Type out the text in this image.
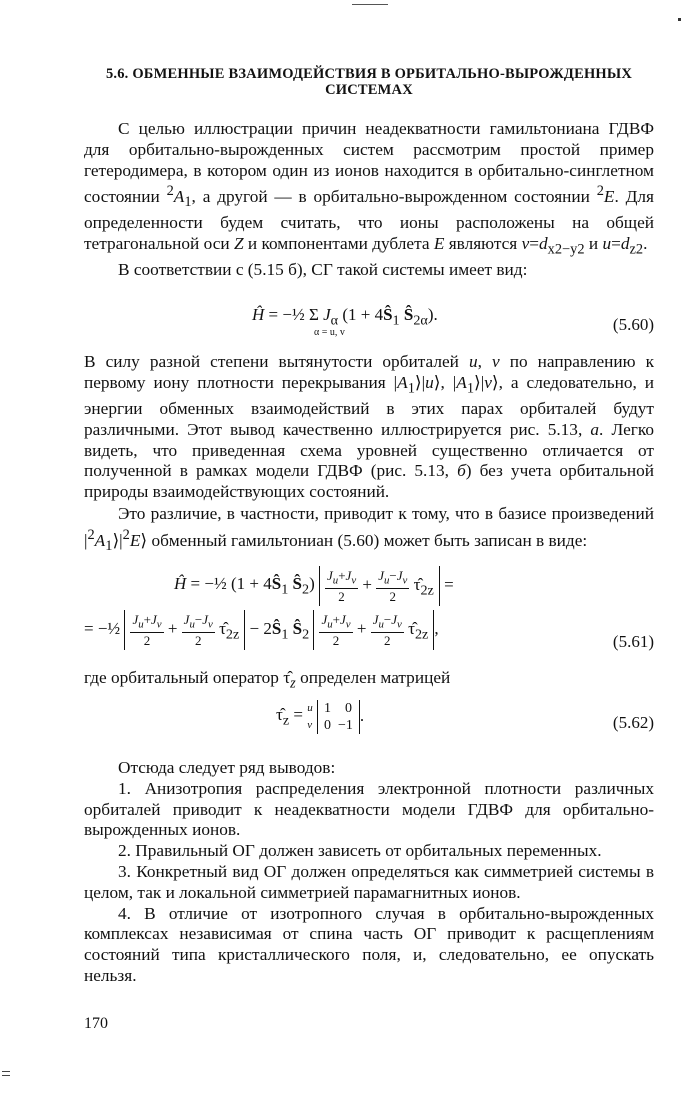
5.6. ОБМЕННЫЕ ВЗАИМОДЕЙСТВИЯ В ОРБИТАЛЬНО-ВЫРОЖДЕННЫХ СИСТЕМАХ

С целью иллюстрации причин неадекватности гамильтониана ГДВФ для орбитально-вырожденных систем рассмотрим простой пример гетеродимера, в котором один из ионов находится в орбитально-синглетном состоянии $^2A_1$, а другой — в орбитально-вырожденном состоянии $^2$E. Для определенности будем считать, что ионы расположены на общей тетрагональной оси Z и компонентами дублета E являются $v=d_{x2-y2}$ и $u=d_{z2}$.

В соответствии с (5.15 б), СГ такой системы имеет вид:

Ĥ = −½ Σ $J_\alpha$ ($1 + 4Ŝ_1$ $Ŝ_{2\alpha}$).
α = u, v	(5.60)

В силу разной степени вытянутости орбиталей u, v по направлению к первому иону плотности перекрывания $|A_1⟩|u⟩$, $|A_1⟩|v⟩$, а следовательно, и энергии обменных взаимодействий в этих парах орбиталей будут различными. Этот вывод качественно иллюстрируется рис. 5.13, а. Легко видеть, что приведенная схема уровней существенно отличается от полученной в рамках модели ГДВФ (рис. 5.13, б) без учета орбитальной природы взаимодействующих состояний.

Это различие, в частности, приводит к тому, что в базисе произведений $|^2A_1⟩|^2E⟩$ обменный гамильтониан (5.60) может быть записан в виде:

Ĥ = −½ ($1 + 4Ŝ_1$ $Ŝ_2) \frac{J_u+J_v}{2} + \frac{J_u-J_v}{2}$ $\taû_{2z}$ =
= −½ $\frac{J_u+J_v}{2} + \frac{J_u-J_v}{2}$ $\taû_{2z}$ − $2Ŝ_1$ $Ŝ_2 \frac{J_u+J_v}{2} + \frac{J_u-J_v}{2}$ $\taû_{2z}$ ,
(5.61)

где орбитальный оператор $\taû_z$ определен матрицей

$\taû_z = u$
v 1    0
0  −1.	(5.62)

Отсюда следует ряд выводов:

1. Анизотропия распределения электронной плотности различных орбиталей приводит к неадекватности модели ГДВФ для орбитально-вырожденных ионов.

2. Правильный ОГ должен зависеть от орбитальных переменных.

3. Конкретный вид ОГ должен определяться как симметрией системы в целом, так и локальной симметрией парамагнитных ионов.

4. В отличие от изотропного случая в орбитально-вырожденных комплексах независимая от спина часть ОГ приводит к расщеплениям состояний типа кристаллического поля, и, следовательно, ее опускать нельзя.

170
